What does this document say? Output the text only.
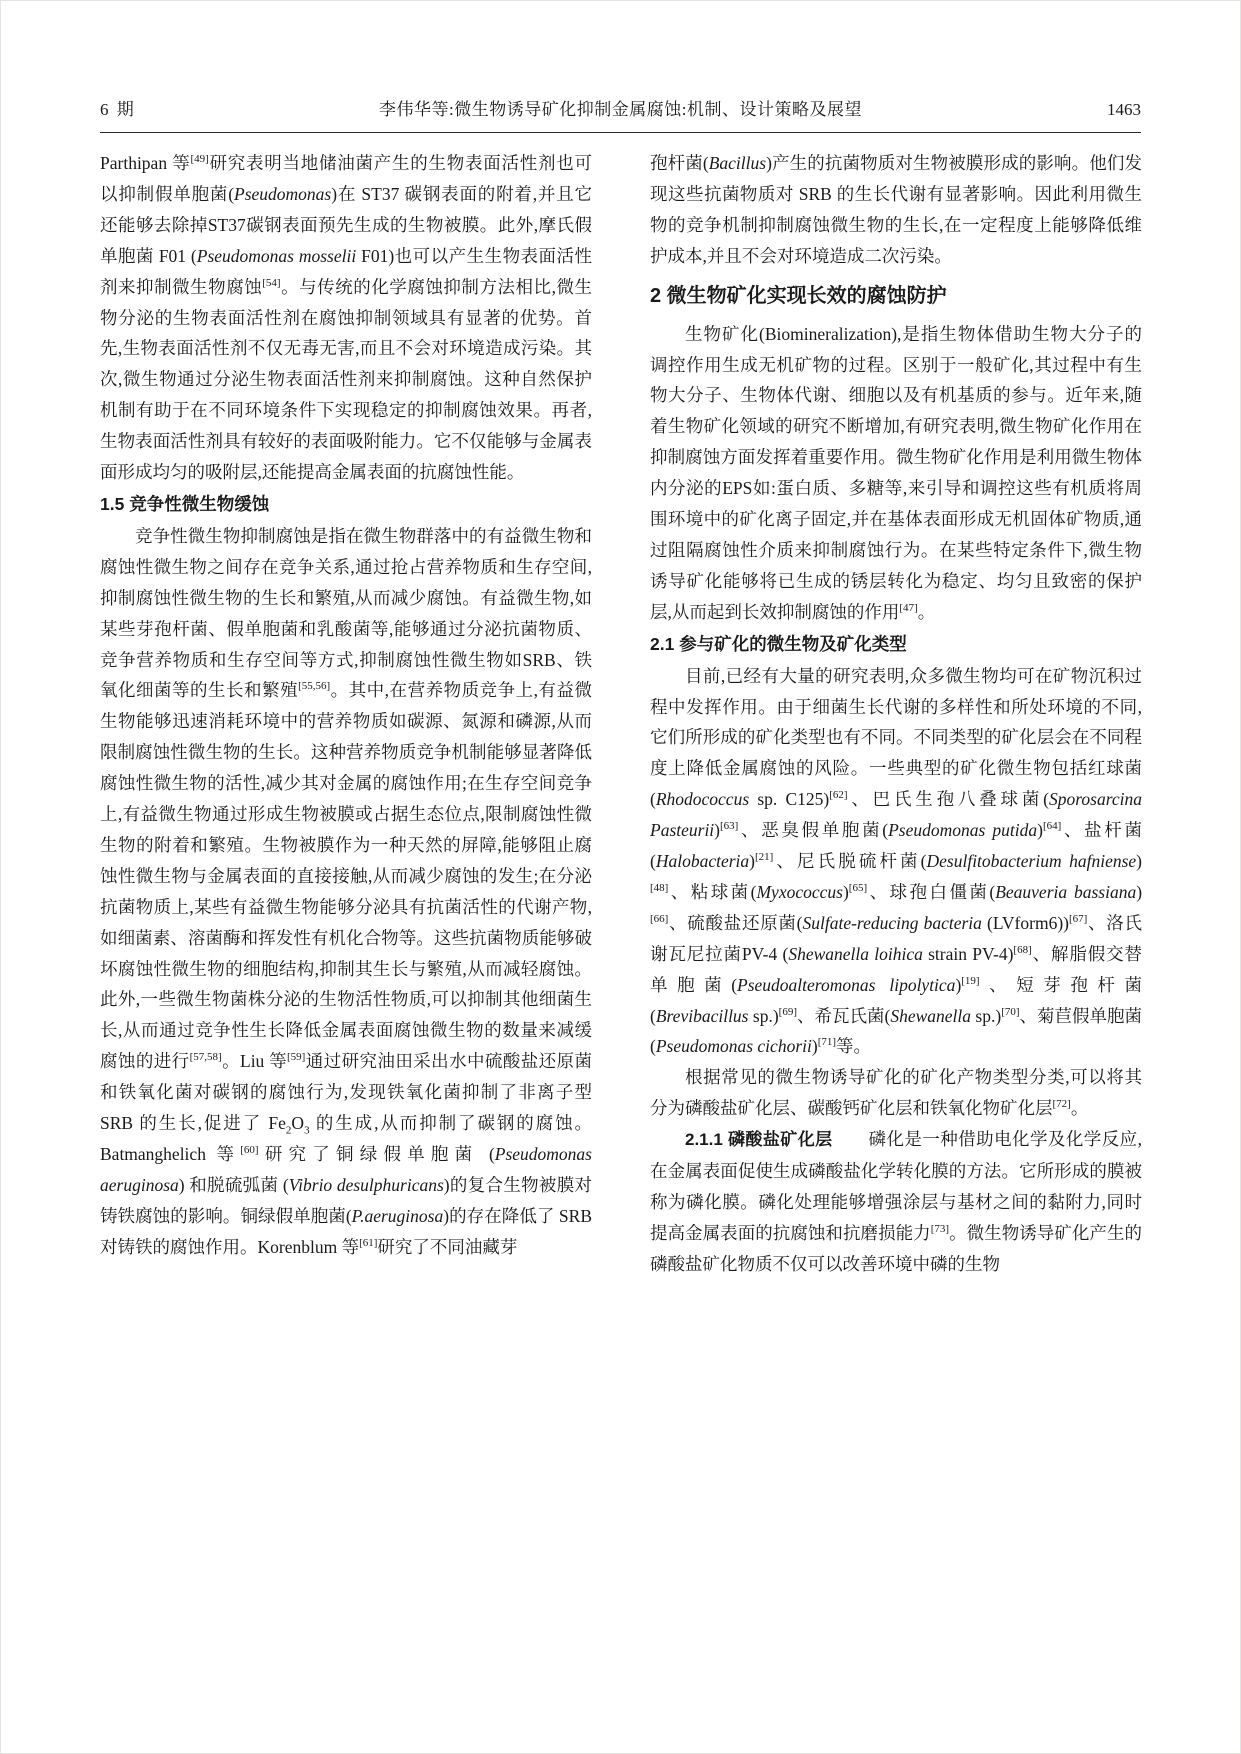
6 期	李伟华等:微生物诱导矿化抑制金属腐蚀:机制、设计策略及展望	1463

Parthipan 等[49]研究表明当地储油菌产生的生物表面活性剂也可以抑制假单胞菌(Pseudomonas)在 ST37 碳钢表面的附着,并且它还能够去除掉ST37碳钢表面预先生成的生物被膜。此外,摩氏假单胞菌 F01 (Pseudomonas mosselii F01)也可以产生生物表面活性剂来抑制微生物腐蚀[54]。与传统的化学腐蚀抑制方法相比,微生物分泌的生物表面活性剂在腐蚀抑制领域具有显著的优势。首先,生物表面活性剂不仅无毒无害,而且不会对环境造成污染。其次,微生物通过分泌生物表面活性剂来抑制腐蚀。这种自然保护机制有助于在不同环境条件下实现稳定的抑制腐蚀效果。再者,生物表面活性剂具有较好的表面吸附能力。它不仅能够与金属表面形成均匀的吸附层,还能提高金属表面的抗腐蚀性能。

1.5 竞争性微生物缓蚀

竞争性微生物抑制腐蚀是指在微生物群落中的有益微生物和腐蚀性微生物之间存在竞争关系,通过抢占营养物质和生存空间,抑制腐蚀性微生物的生长和繁殖,从而减少腐蚀。有益微生物,如某些芽孢杆菌、假单胞菌和乳酸菌等,能够通过分泌抗菌物质、竞争营养物质和生存空间等方式,抑制腐蚀性微生物如SRB、铁氧化细菌等的生长和繁殖[55,56]。其中,在营养物质竞争上,有益微生物能够迅速消耗环境中的营养物质如碳源、氮源和磷源,从而限制腐蚀性微生物的生长。这种营养物质竞争机制能够显著降低腐蚀性微生物的活性,减少其对金属的腐蚀作用;在生存空间竞争上,有益微生物通过形成生物被膜或占据生态位点,限制腐蚀性微生物的附着和繁殖。生物被膜作为一种天然的屏障,能够阻止腐蚀性微生物与金属表面的直接接触,从而减少腐蚀的发生;在分泌抗菌物质上,某些有益微生物能够分泌具有抗菌活性的代谢产物,如细菌素、溶菌酶和挥发性有机化合物等。这些抗菌物质能够破坏腐蚀性微生物的细胞结构,抑制其生长与繁殖,从而减轻腐蚀。此外,一些微生物菌株分泌的生物活性物质,可以抑制其他细菌生长,从而通过竞争性生长降低金属表面腐蚀微生物的数量来减缓腐蚀的进行[57,58]。Liu 等[59]通过研究油田采出水中硫酸盐还原菌和铁氧化菌对碳钢的腐蚀行为,发现铁氧化菌抑制了非离子型 SRB 的生长,促进了 $Fe_2O_3$ 的生成,从而抑制了碳钢的腐蚀。Batmanghelich 等[60]研究了铜绿假单胞菌 (Pseudomonas aeruginosa) 和脱硫弧菌 (Vibrio desulphuricans)的复合生物被膜对铸铁腐蚀的影响。铜绿假单胞菌(P.aeruginosa)的存在降低了 SRB 对铸铁的腐蚀作用。Korenblum 等[61]研究了不同油藏芽

孢杆菌(Bacillus)产生的抗菌物质对生物被膜形成的影响。他们发现这些抗菌物质对 SRB 的生长代谢有显著影响。因此利用微生物的竞争机制抑制腐蚀微生物的生长,在一定程度上能够降低维护成本,并且不会对环境造成二次污染。

2 微生物矿化实现长效的腐蚀防护

生物矿化(Biomineralization),是指生物体借助生物大分子的调控作用生成无机矿物的过程。区别于一般矿化,其过程中有生物大分子、生物体代谢、细胞以及有机基质的参与。近年来,随着生物矿化领域的研究不断增加,有研究表明,微生物矿化作用在抑制腐蚀方面发挥着重要作用。微生物矿化作用是利用微生物体内分泌的EPS如:蛋白质、多糖等,来引导和调控这些有机质将周围环境中的矿化离子固定,并在基体表面形成无机固体矿物质,通过阻隔腐蚀性介质来抑制腐蚀行为。在某些特定条件下,微生物诱导矿化能够将已生成的锈层转化为稳定、均匀且致密的保护层,从而起到长效抑制腐蚀的作用[47]。

2.1 参与矿化的微生物及矿化类型

目前,已经有大量的研究表明,众多微生物均可在矿物沉积过程中发挥作用。由于细菌生长代谢的多样性和所处环境的不同,它们所形成的矿化类型也有不同。不同类型的矿化层会在不同程度上降低金属腐蚀的风险。一些典型的矿化微生物包括红球菌(Rhodococcus sp. C125)[62]、巴氏生孢八叠球菌(Sporosarcina Pasteurii)[63]、恶臭假单胞菌(Pseudomonas putida)[64]、盐杆菌(Halobacteria)[21]、尼氏脱硫杆菌(Desulfitobacterium hafniense)[48]、粘球菌(Myxococcus)[65]、球孢白僵菌(Beauveria bassiana)[66]、硫酸盐还原菌(Sulfate-reducing bacteria (LVform6))[67]、洛氏谢瓦尼拉菌PV-4 (Shewanella loihica strain PV-4)[68]、解脂假交替单胞菌(Pseudoalteromonas lipolytica)[19]、短芽孢杆菌(Brevibacillus sp.)[69]、希瓦氏菌(Shewanella sp.)[70]、菊苣假单胞菌(Pseudomonas cichorii)[71]等。

根据常见的微生物诱导矿化的矿化产物类型分类,可以将其分为磷酸盐矿化层、碳酸钙矿化层和铁氧化物矿化层[72]。

2.1.1 磷酸盐矿化层　　磷化是一种借助电化学及化学反应,在金属表面促使生成磷酸盐化学转化膜的方法。它所形成的膜被称为磷化膜。磷化处理能够增强涂层与基材之间的黏附力,同时提高金属表面的抗腐蚀和抗磨损能力[73]。微生物诱导矿化产生的磷酸盐矿化物质不仅可以改善环境中磷的生物
